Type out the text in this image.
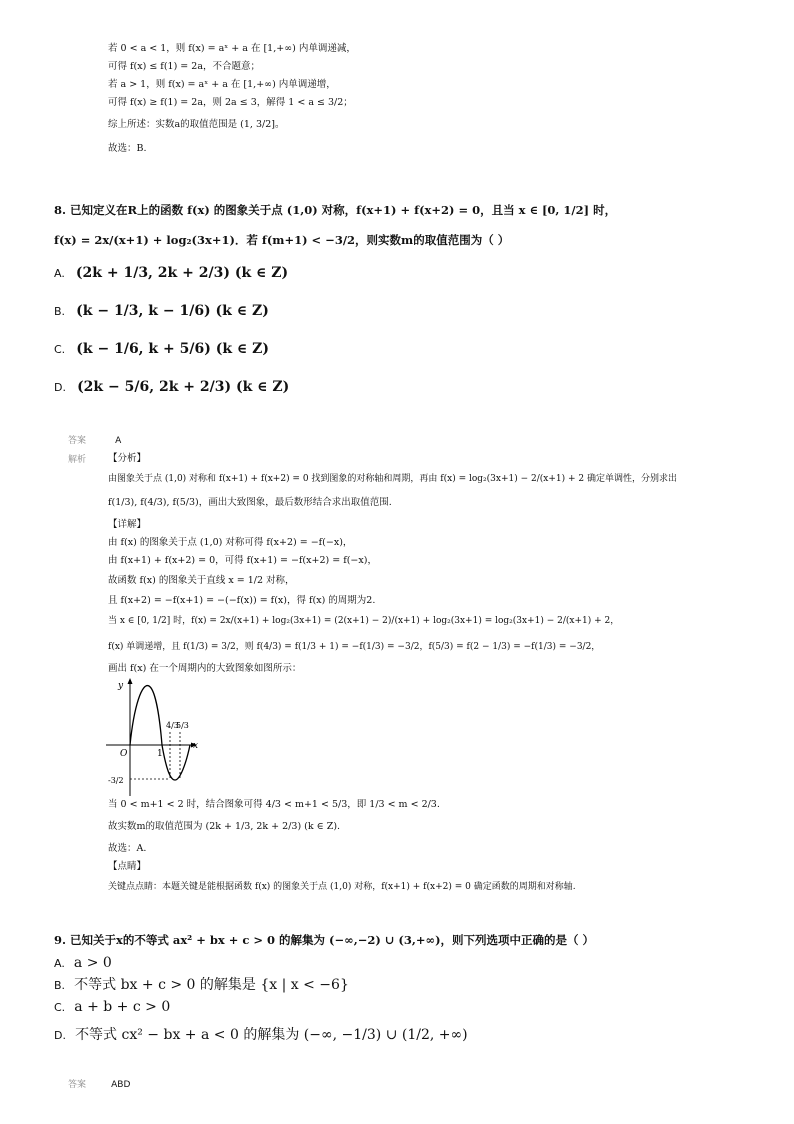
若 0 < a < 1，则 f(x) = aˣ + a 在 [1,+∞) 内单调递减，
可得 f(x) ≤ f(1) = 2a，不合题意；
若 a > 1，则 f(x) = aˣ + a 在 [1,+∞) 内单调递增，
可得 f(x) ≥ f(1) = 2a，则 2a ≤ 3，解得 1 < a ≤ 3/2；
综上所述：实数a的取值范围是 (1, 3/2]。
故选：B.
8. 已知定义在R上的函数 f(x) 的图象关于点 (1,0) 对称，f(x+1) + f(x+2) = 0，且当 x ∈ [0, 1/2] 时，
f(x) = 2x/(x+1) + log₂(3x+1)．若 f(m+1) < −3/2，则实数m的取值范围为（ ）
A. (2k + 1/3, 2k + 2/3) (k ∈ Z)
B. (k − 1/3, k − 1/6) (k ∈ Z)
C. (k − 1/6, k + 5/6) (k ∈ Z)
D. (2k − 5/6, 2k + 2/3) (k ∈ Z)
答案	A
解析 【分析】
由图象关于点 (1,0) 对称和 f(x+1) + f(x+2) = 0 找到图象的对称轴和周期，再由 f(x) = log₂(3x+1) − 2/(x+1) + 2 确定单调性，分别求出
f(1/3), f(4/3), f(5/3)，画出大致图象，最后数形结合求出取值范围.
【详解】
由 f(x) 的图象关于点 (1,0) 对称可得 f(x+2) = −f(−x)，
由 f(x+1) + f(x+2) = 0，可得 f(x+1) = −f(x+2) = f(−x)，
故函数 f(x) 的图象关于直线 x = 1/2 对称，
且 f(x+2) = −f(x+1) = −(−f(x)) = f(x)，得 f(x) 的周期为2.
当 x ∈ [0, 1/2] 时，f(x) = 2x/(x+1) + log₂(3x+1) = (2(x+1) − 2)/(x+1) + log₂(3x+1) = log₂(3x+1) − 2/(x+1) + 2，
f(x) 单调递增，且 f(1/3) = 3/2，则 f(4/3) = f(1/3 + 1) = −f(1/3) = −3/2，f(5/3) = f(2 − 1/3) = −f(1/3) = −3/2，
画出 f(x) 在一个周期内的大致图象如图所示：
y
x
O	1
4/3
5/3
-3/2
当 0 < m+1 < 2 时，结合图象可得 4/3 < m+1 < 5/3，即 1/3 < m < 2/3.
故实数m的取值范围为 (2k + 1/3, 2k + 2/3) (k ∈ Z).
故选：A.
【点睛】
关键点点睛：本题关键是能根据函数 f(x) 的图象关于点 (1,0) 对称，f(x+1) + f(x+2) = 0 确定函数的周期和对称轴.
9. 已知关于x的不等式 ax² + bx + c > 0 的解集为 (−∞,−2) ∪ (3,+∞)，则下列选项中正确的是（ ）
A. a > 0
B. 不等式 bx + c > 0 的解集是 {x | x < −6}
C. a + b + c > 0
D. 不等式 cx² − bx + a < 0 的解集为 (−∞, −1/3) ∪ (1/2, +∞)
答案	ABD
